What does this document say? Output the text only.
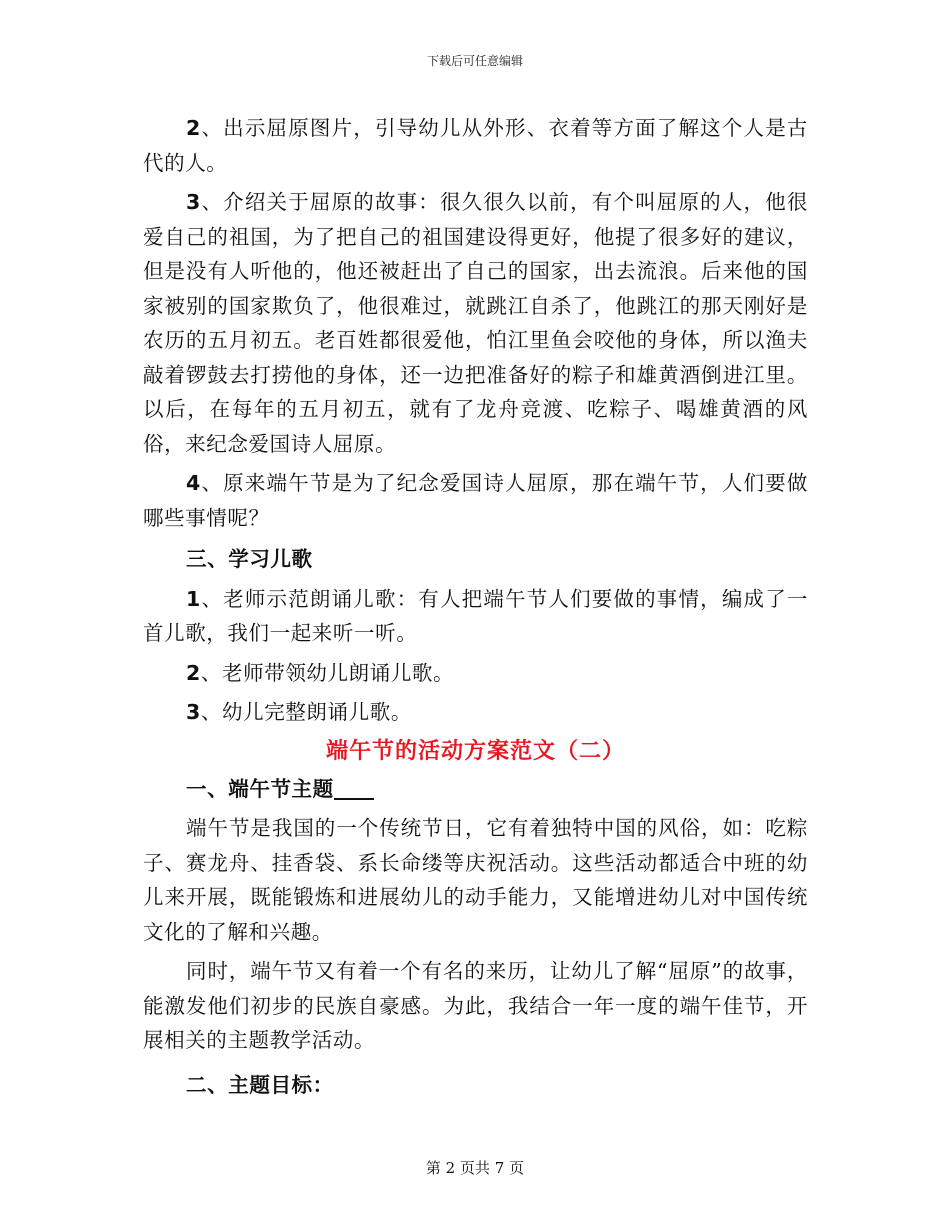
下载后可任意编辑

2、出示屈原图片，引导幼儿从外形、衣着等方面了解这个人是古代的人。

3、介绍关于屈原的故事：很久很久以前，有个叫屈原的人，他很爱自己的祖国，为了把自己的祖国建设得更好，他提了很多好的建议，但是没有人听他的，他还被赶出了自己的国家，出去流浪。后来他的国家被别的国家欺负了，他很难过，就跳江自杀了，他跳江的那天刚好是农历的五月初五。老百姓都很爱他，怕江里鱼会咬他的身体，所以渔夫敲着锣鼓去打捞他的身体，还一边把准备好的粽子和雄黄酒倒进江里。以后，在每年的五月初五，就有了龙舟竞渡、吃粽子、喝雄黄酒的风俗，来纪念爱国诗人屈原。

4、原来端午节是为了纪念爱国诗人屈原，那在端午节，人们要做哪些事情呢？

三、学习儿歌

1、老师示范朗诵儿歌：有人把端午节人们要做的事情，编成了一首儿歌，我们一起来听一听。

2、老师带领幼儿朗诵儿歌。

3、幼儿完整朗诵儿歌。

端午节的活动方案范文（二）

一、端午节主题

端午节是我国的一个传统节日，它有着独特中国的风俗，如：吃粽子、赛龙舟、挂香袋、系长命缕等庆祝活动。这些活动都适合中班的幼儿来开展，既能锻炼和进展幼儿的动手能力，又能增进幼儿对中国传统文化的了解和兴趣。

同时，端午节又有着一个有名的来历，让幼儿了解“屈原”的故事，能激发他们初步的民族自豪感。为此，我结合一年一度的端午佳节，开展相关的主题教学活动。

二、主题目标：

第 2 页共 7 页
